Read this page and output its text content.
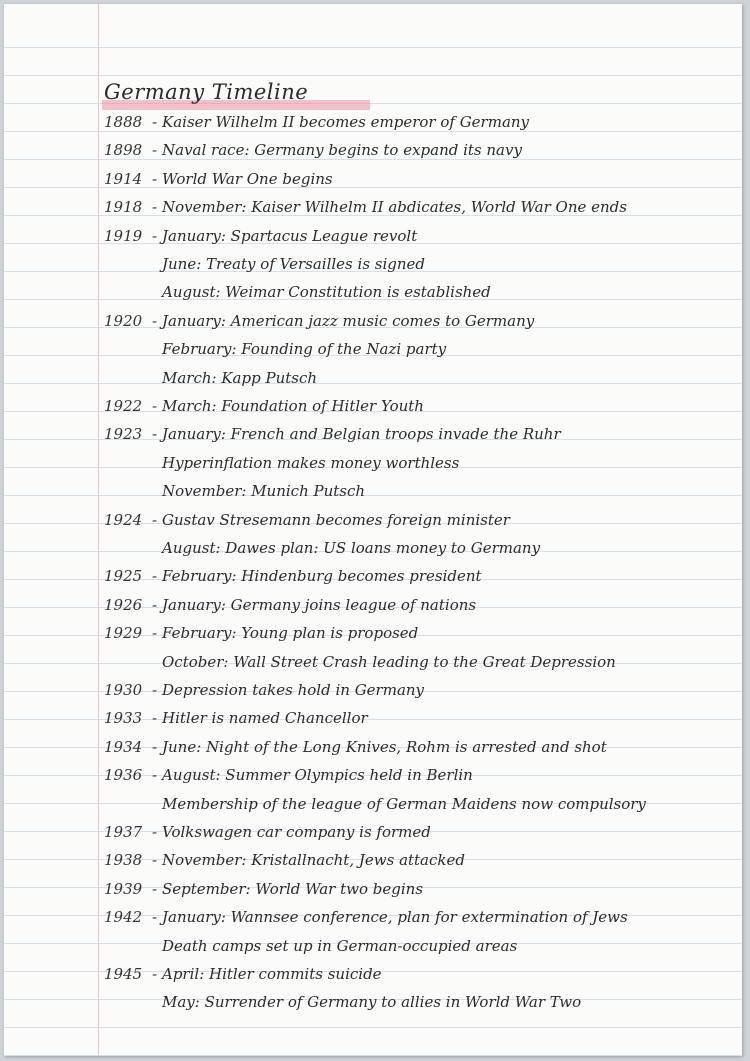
Germany Timeline
1888 - Kaiser Wilhelm II becomes emperor of Germany
1898 - Naval race: Germany begins to expand its navy
1914 - World War One begins
1918 - November: Kaiser Wilhelm II abdicates, World War One ends
1919 - January: Spartacus League revolt
June: Treaty of Versailles is signed
August: Weimar Constitution is established
1920 - January: American jazz music comes to Germany
February: Founding of the Nazi party
March: Kapp Putsch
1922 - March: Foundation of Hitler Youth
1923 - January: French and Belgian troops invade the Ruhr
Hyperinflation makes money worthless
November: Munich Putsch
1924 - Gustav Stresemann becomes foreign minister
August: Dawes plan: US loans money to Germany
1925 - February: Hindenburg becomes president
1926 - January: Germany joins league of nations
1929 - February: Young plan is proposed
October: Wall Street Crash leading to the Great Depression
1930 - Depression takes hold in Germany
1933 - Hitler is named Chancellor
1934 - June: Night of the Long Knives, Rohm is arrested and shot
1936 - August: Summer Olympics held in Berlin
Membership of the league of German Maidens now compulsory
1937 - Volkswagen car company is formed
1938 - November: Kristallnacht, Jews attacked
1939 - September: World War two begins
1942 - January: Wannsee conference, plan for extermination of Jews
Death camps set up in German-occupied areas
1945 - April: Hitler commits suicide
May: Surrender of Germany to allies in World War Two
